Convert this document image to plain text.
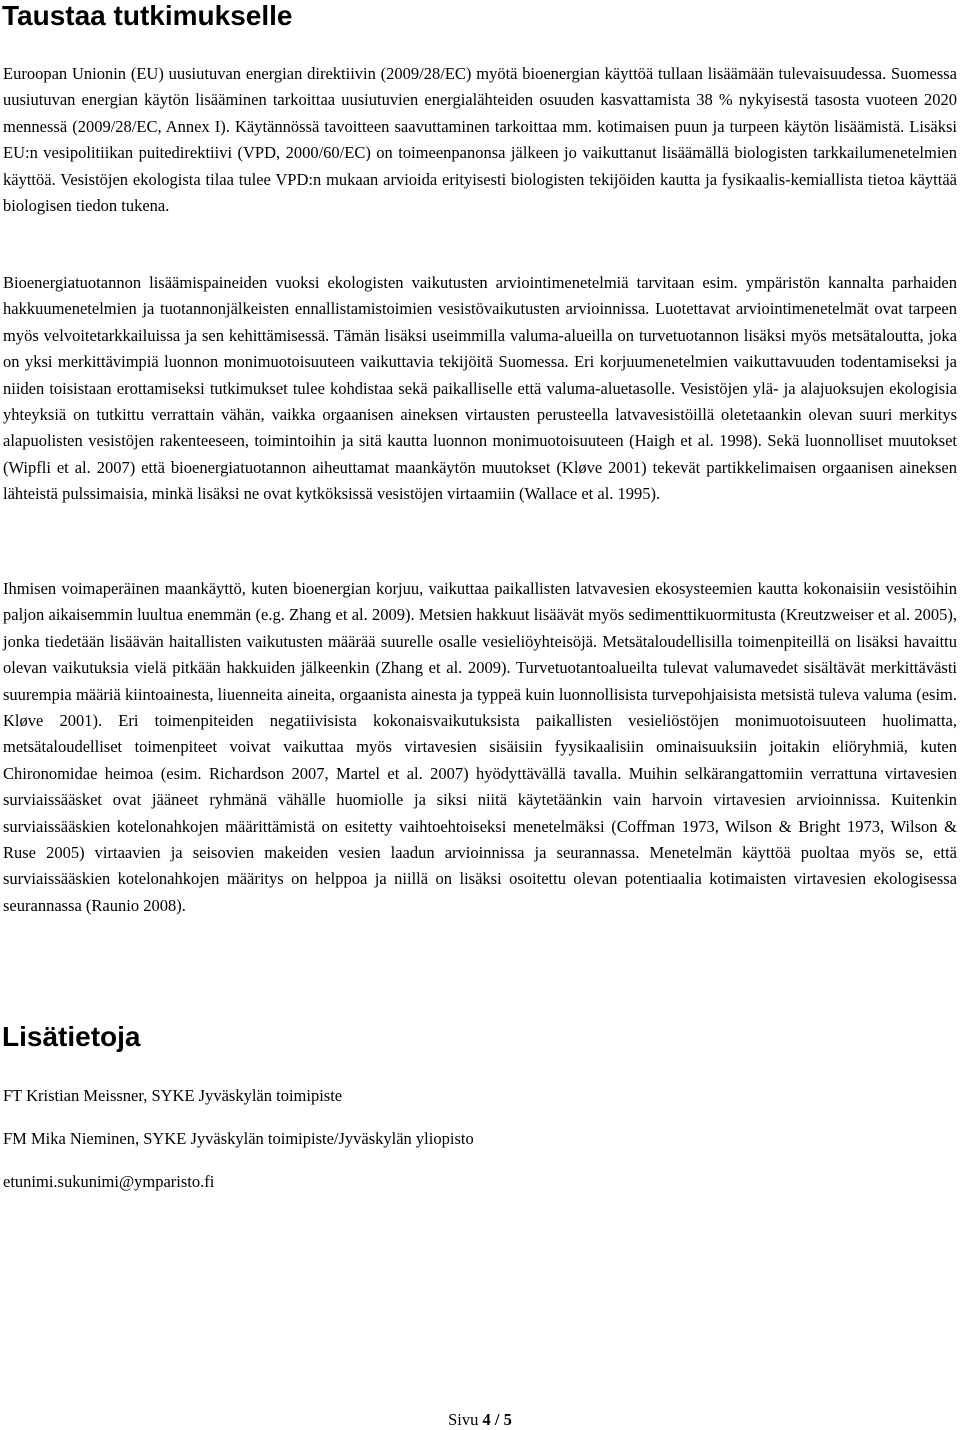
Taustaa tutkimukselle

Euroopan Unionin (EU) uusiutuvan energian direktiivin (2009/28/EC) myötä bioenergian käyttöä tullaan lisäämään tulevaisuudessa. Suomessa uusiutuvan energian käytön lisääminen tarkoittaa uusiutuvien energialähteiden osuuden kasvattamista 38 % nykyisestä tasosta vuoteen 2020 mennessä (2009/28/EC, Annex I). Käytännössä tavoitteen saavuttaminen tarkoittaa mm. kotimaisen puun ja turpeen käytön lisäämistä. Lisäksi EU:n vesipolitiikan puitedirektiivi (VPD, 2000/60/EC) on toimeenpanonsa jälkeen jo vaikuttanut lisäämällä biologisten tarkkailumenetelmien käyttöä. Vesistöjen ekologista tilaa tulee VPD:n mukaan arvioida erityisesti biologisten tekijöiden kautta ja fysikaalis-kemiallista tietoa käyttää biologisen tiedon tukena.

Bioenergiatuotannon lisäämispaineiden vuoksi ekologisten vaikutusten arviointimenetelmiä tarvitaan esim. ympäristön kannalta parhaiden hakkuumenetelmien ja tuotannonjälkeisten ennallistamistoimien vesistövaikutusten arvioinnissa. Luotettavat arviointimenetelmät ovat tarpeen myös velvoitetarkkailuissa ja sen kehittämisessä. Tämän lisäksi useimmilla valuma-alueilla on turvetuotannon lisäksi myös metsätaloutta, joka on yksi merkittävimpiä luonnon monimuotoisuuteen vaikuttavia tekijöitä Suomessa. Eri korjuumenetelmien vaikuttavuuden todentamiseksi ja niiden toisistaan erottamiseksi tutkimukset tulee kohdistaa sekä paikalliselle että valuma-aluetasolle. Vesistöjen ylä- ja alajuoksujen ekologisia yhteyksiä on tutkittu verrattain vähän, vaikka orgaanisen aineksen virtausten perusteella latvavesistöillä oletetaankin olevan suuri merkitys alapuolisten vesistöjen rakenteeseen, toimintoihin ja sitä kautta luonnon monimuotoisuuteen (Haigh et al. 1998). Sekä luonnolliset muutokset (Wipfli et al. 2007) että bioenergiatuotannon aiheuttamat maankäytön muutokset (Kløve 2001) tekevät partikkelimaisen orgaanisen aineksen lähteistä pulssimaisia, minkä lisäksi ne ovat kytköksissä vesistöjen virtaamiin (Wallace et al. 1995).

Ihmisen voimaperäinen maankäyttö, kuten bioenergian korjuu, vaikuttaa paikallisten latvavesien ekosysteemien kautta kokonaisiin vesistöihin paljon aikaisemmin luultua enemmän (e.g. Zhang et al. 2009). Metsien hakkuut lisäävät myös sedimenttikuormitusta (Kreutzweiser et al. 2005), jonka tiedetään lisäävän haitallisten vaikutusten määrää suurelle osalle vesieliöyhteisöjä. Metsätaloudellisilla toimenpiteillä on lisäksi havaittu olevan vaikutuksia vielä pitkään hakkuiden jälkeenkin (Zhang et al. 2009). Turvetuotantoalueilta tulevat valumavedet sisältävät merkittävästi suurempia määriä kiintoainesta, liuenneita aineita, orgaanista ainesta ja typpeä kuin luonnollisista turvepohjaisista metsistä tuleva valuma (esim. Kløve 2001). Eri toimenpiteiden negatiivisista kokonaisvaikutuksista paikallisten vesieliöstöjen monimuotoisuuteen huolimatta, metsätaloudelliset toimenpiteet voivat vaikuttaa myös virtavesien sisäisiin fyysikaalisiin ominaisuuksiin joitakin eliöryhmiä, kuten Chironomidae heimoa (esim. Richardson 2007, Martel et al. 2007) hyödyttävällä tavalla. Muihin selkärangattomiin verrattuna virtavesien surviaissääsket ovat jääneet ryhmänä vähälle huomiolle ja siksi niitä käytetäänkin vain harvoin virtavesien arvioinnissa. Kuitenkin surviaissääskien kotelonahkojen määrittämistä on esitetty vaihtoehtoiseksi menetelmäksi (Coffman 1973, Wilson & Bright 1973, Wilson & Ruse 2005) virtaavien ja seisovien makeiden vesien laadun arvioinnissa ja seurannassa. Menetelmän käyttöä puoltaa myös se, että surviaissääskien kotelonahkojen määritys on helppoa ja niillä on lisäksi osoitettu olevan potentiaalia kotimaisten virtavesien ekologisessa seurannassa (Raunio 2008).

Lisätietoja

FT Kristian Meissner, SYKE Jyväskylän toimipiste

FM Mika Nieminen, SYKE Jyväskylän toimipiste/Jyväskylän yliopisto

etunimi.sukunimi@ymparisto.fi

Sivu 4 / 5
